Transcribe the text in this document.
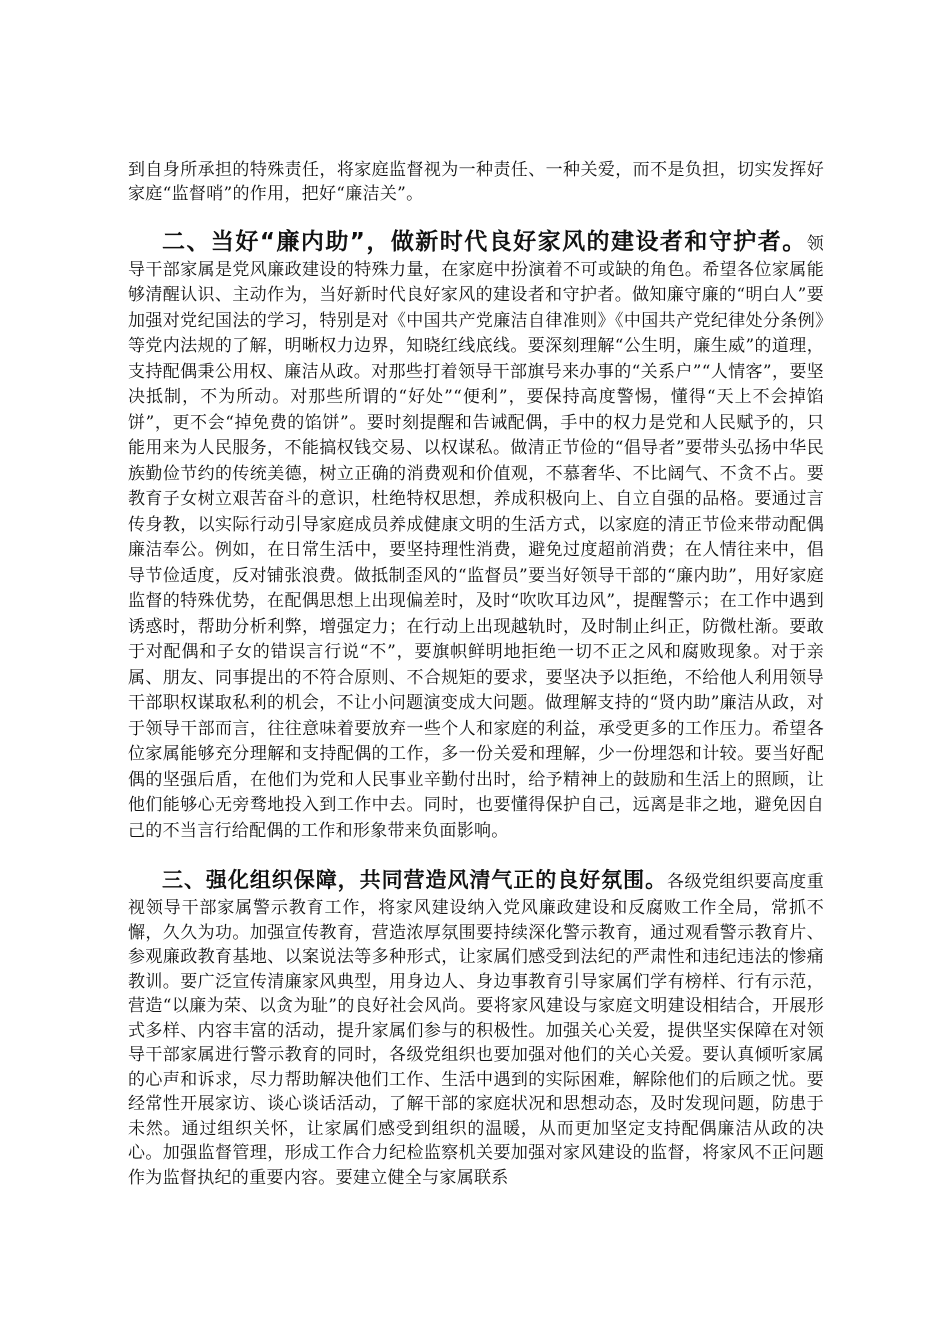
到自身所承担的特殊责任，将家庭监督视为一种责任、一种关爱，而不是负担，切实发挥好家庭“监督哨”的作用，把好“廉洁关”。

二、当好“廉内助”，做新时代良好家风的建设者和守护者。领导干部家属是党风廉政建设的特殊力量，在家庭中扮演着不可或缺的角色。希望各位家属能够清醒认识、主动作为，当好新时代良好家风的建设者和守护者。做知廉守廉的“明白人”要加强对党纪国法的学习，特别是对《中国共产党廉洁自律准则》《中国共产党纪律处分条例》等党内法规的了解，明晰权力边界，知晓红线底线。要深刻理解“公生明，廉生威”的道理，支持配偶秉公用权、廉洁从政。对那些打着领导干部旗号来办事的“关系户”“人情客”，要坚决抵制，不为所动。对那些所谓的“好处”“便利”，要保持高度警惕，懂得“天上不会掉馅饼”，更不会“掉免费的馅饼”。要时刻提醒和告诫配偶，手中的权力是党和人民赋予的，只能用来为人民服务，不能搞权钱交易、以权谋私。做清正节俭的“倡导者”要带头弘扬中华民族勤俭节约的传统美德，树立正确的消费观和价值观，不慕奢华、不比阔气、不贪不占。要教育子女树立艰苦奋斗的意识，杜绝特权思想，养成积极向上、自立自强的品格。要通过言传身教，以实际行动引导家庭成员养成健康文明的生活方式，以家庭的清正节俭来带动配偶廉洁奉公。例如，在日常生活中，要坚持理性消费，避免过度超前消费；在人情往来中，倡导节俭适度，反对铺张浪费。做抵制歪风的“监督员”要当好领导干部的“廉内助”，用好家庭监督的特殊优势，在配偶思想上出现偏差时，及时“吹吹耳边风”，提醒警示；在工作中遇到诱惑时，帮助分析利弊，增强定力；在行动上出现越轨时，及时制止纠正，防微杜渐。要敢于对配偶和子女的错误言行说“不”，要旗帜鲜明地拒绝一切不正之风和腐败现象。对于亲属、朋友、同事提出的不符合原则、不合规矩的要求，要坚决予以拒绝，不给他人利用领导干部职权谋取私利的机会，不让小问题演变成大问题。做理解支持的“贤内助”廉洁从政，对于领导干部而言，往往意味着要放弃一些个人和家庭的利益，承受更多的工作压力。希望各位家属能够充分理解和支持配偶的工作，多一份关爱和理解，少一份埋怨和计较。要当好配偶的坚强后盾，在他们为党和人民事业辛勤付出时，给予精神上的鼓励和生活上的照顾，让他们能够心无旁骛地投入到工作中去。同时，也要懂得保护自己，远离是非之地，避免因自己的不当言行给配偶的工作和形象带来负面影响。

三、强化组织保障，共同营造风清气正的良好氛围。各级党组织要高度重视领导干部家属警示教育工作，将家风建设纳入党风廉政建设和反腐败工作全局，常抓不懈，久久为功。加强宣传教育，营造浓厚氛围要持续深化警示教育，通过观看警示教育片、参观廉政教育基地、以案说法等多种形式，让家属们感受到法纪的严肃性和违纪违法的惨痛教训。要广泛宣传清廉家风典型，用身边人、身边事教育引导家属们学有榜样、行有示范，营造“以廉为荣、以贪为耻”的良好社会风尚。要将家风建设与家庭文明建设相结合，开展形式多样、内容丰富的活动，提升家属们参与的积极性。加强关心关爱，提供坚实保障在对领导干部家属进行警示教育的同时，各级党组织也要加强对他们的关心关爱。要认真倾听家属的心声和诉求，尽力帮助解决他们工作、生活中遇到的实际困难，解除他们的后顾之忧。要经常性开展家访、谈心谈话活动，了解干部的家庭状况和思想动态，及时发现问题，防患于未然。通过组织关怀，让家属们感受到组织的温暖，从而更加坚定支持配偶廉洁从政的决心。加强监督管理，形成工作合力纪检监察机关要加强对家风建设的监督，将家风不正问题作为监督执纪的重要内容。要建立健全与家属联系
